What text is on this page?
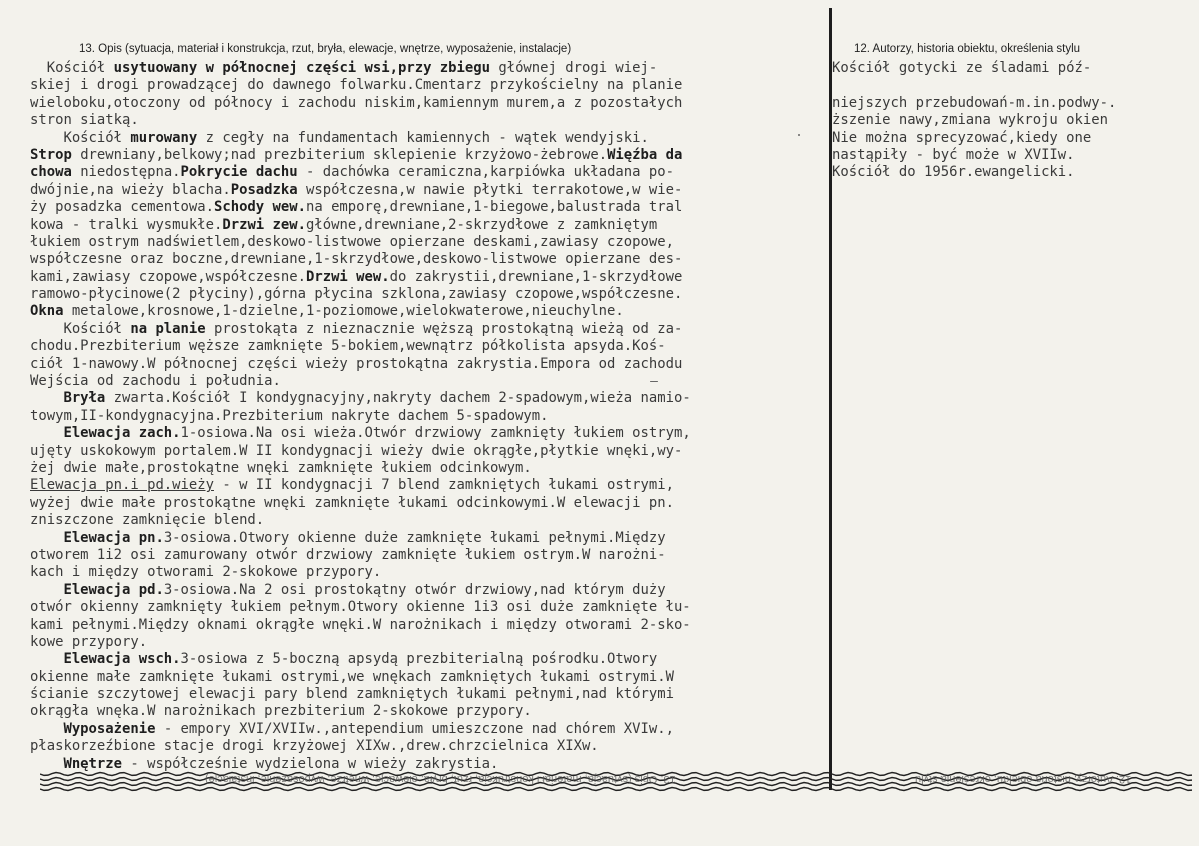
13. Opis (sytuacja, materiał i konstrukcja, rzut, bryła, elewacje, wnętrze, wyposażenie, instalacje)	12. Autorzy, historia obiektu, określenia stylu
Kościół usytuowany w północnej części wsi,przy zbiegu głównej drogi wiej-
skiej i drogi prowadzącej do dawnego folwarku.Cmentarz przykościelny na planie
wieloboku,otoczony od północy i zachodu niskim,kamiennym murem,a z pozostałych
stron siatką.
Kościół murowany z cegły na fundamentach kamiennych - wątek wendyjski.
Strop drewniany,belkowy;nad prezbiterium sklepienie krzyżowo-żebrowe.Więźba da
chowa niedostępna.Pokrycie dachu - dachówka ceramiczna,karpiówka układana po-
dwójnie,na wieży blacha.Posadzka współczesna,w nawie płytki terrakotowe,w wie-
ży posadzka cementowa.Schody wew.na emporę,drewniane,1-biegowe,balustrada tral
kowa - tralki wysmukłe.Drzwi zew.główne,drewniane,2-skrzydłowe z zamkniętym
łukiem ostrym nadświetlem,deskowo-listwowe opierzane deskami,zawiasy czopowe,
współczesne oraz boczne,drewniane,1-skrzydłowe,deskowo-listwowe opierzane des-
kami,zawiasy czopowe,współczesne.Drzwi wew.do zakrystii,drewniane,1-skrzydłowe
ramowo-płycinowe(2 płyciny),górna płycina szklona,zawiasy czopowe,współczesne.
Okna metalowe,krosnowe,1-dzielne,1-poziomowe,wielokwaterowe,nieuchylne.
Kościół na planie prostokąta z nieznacznie węższą prostokątną wieżą od za-
chodu.Prezbiterium węższe zamknięte 5-bokiem,wewnątrz półkolista apsyda.Koś-
ciół 1-nawowy.W północnej części wieży prostokątna zakrystia.Empora od zachodu
Wejścia od zachodu i południa.
Bryła zwarta.Kościół I kondygnacyjny,nakryty dachem 2-spadowym,wieża namio-
towym,II-kondygnacyjna.Prezbiterium nakryte dachem 5-spadowym.
Elewacja zach.1-osiowa.Na osi wieża.Otwór drzwiowy zamknięty łukiem ostrym,
ujęty uskokowym portalem.W II kondygnacji wieży dwie okrągłe,płytkie wnęki,wy-
żej dwie małe,prostokątne wnęki zamknięte łukiem odcinkowym.
Elewacja pn.i pd.wieży - w II kondygnacji 7 blend zamkniętych łukami ostrymi,
wyżej dwie małe prostokątne wnęki zamknięte łukami odcinkowymi.W elewacji pn.
zniszczone zamknięcie blend.
Elewacja pn.3-osiowa.Otwory okienne duże zamknięte łukami pełnymi.Między
otworem 1i2 osi zamurowany otwór drzwiowy zamknięte łukiem ostrym.W narożni-
kach i między otworami 2-skokowe przypory.
Elewacja pd.3-osiowa.Na 2 osi prostokątny otwór drzwiowy,nad którym duży
otwór okienny zamknięty łukiem pełnym.Otwory okienne 1i3 osi duże zamknięte łu-
kami pełnymi.Między oknami okrągłe wnęki.W narożnikach i między otworami 2-sko-
kowe przypory.
Elewacja wsch.3-osiowa z 5-boczną apsydą prezbiterialną pośrodku.Otwory
okienne małe zamknięte łukami ostrymi,we wnękach zamkniętych łukami ostrymi.W
ścianie szczytowej elewacji pary blend zamkniętych łukami pełnymi,nad którymi
okrągła wnęka.W narożnikach prezbiterium 2-skokowe przypory.
Wyposażenie - empory XVI/XVIIw.,antependium umieszczone nad chórem XVIw.,
płaskorzeźbione stacje drogi krzyżowej XIXw.,drew.chrzcielnica XIXw.
Wnętrze - współcześnie wydzielona w wieży zakrystia.
Kościół gotycki ze śladami póź-
niejszych przebudowań-m.in.podwy-.
ższenie nawy,zmiana wykroju okien
Nie można sprecyzować,kiedy one
nastąpiły - być może w XVIIw.
Kościół do 1956r.ewangelicki.
13. Opis (sytuacja, materiał i konstrukcja, rzut, bryła, elewacje, wnętrze, wyposażenie, instalacje)	12. Autorzy, historia obiektu, określenia stylu
